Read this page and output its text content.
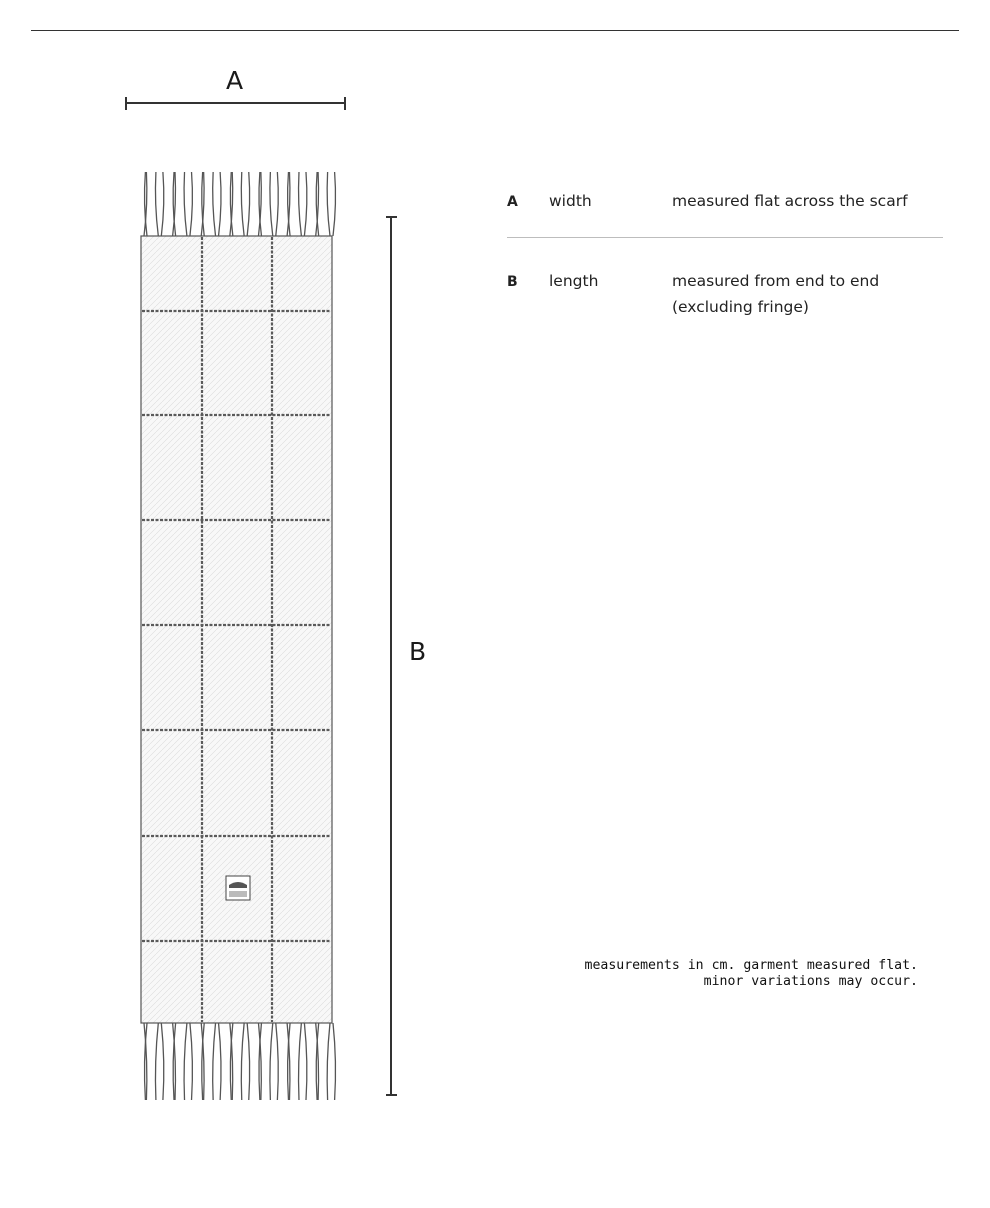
A
B
A	width	measured flat across the scarf
B	length	measured from end to end
(excluding fringe)
measurements in cm. garment measured flat.
minor variations may occur.
